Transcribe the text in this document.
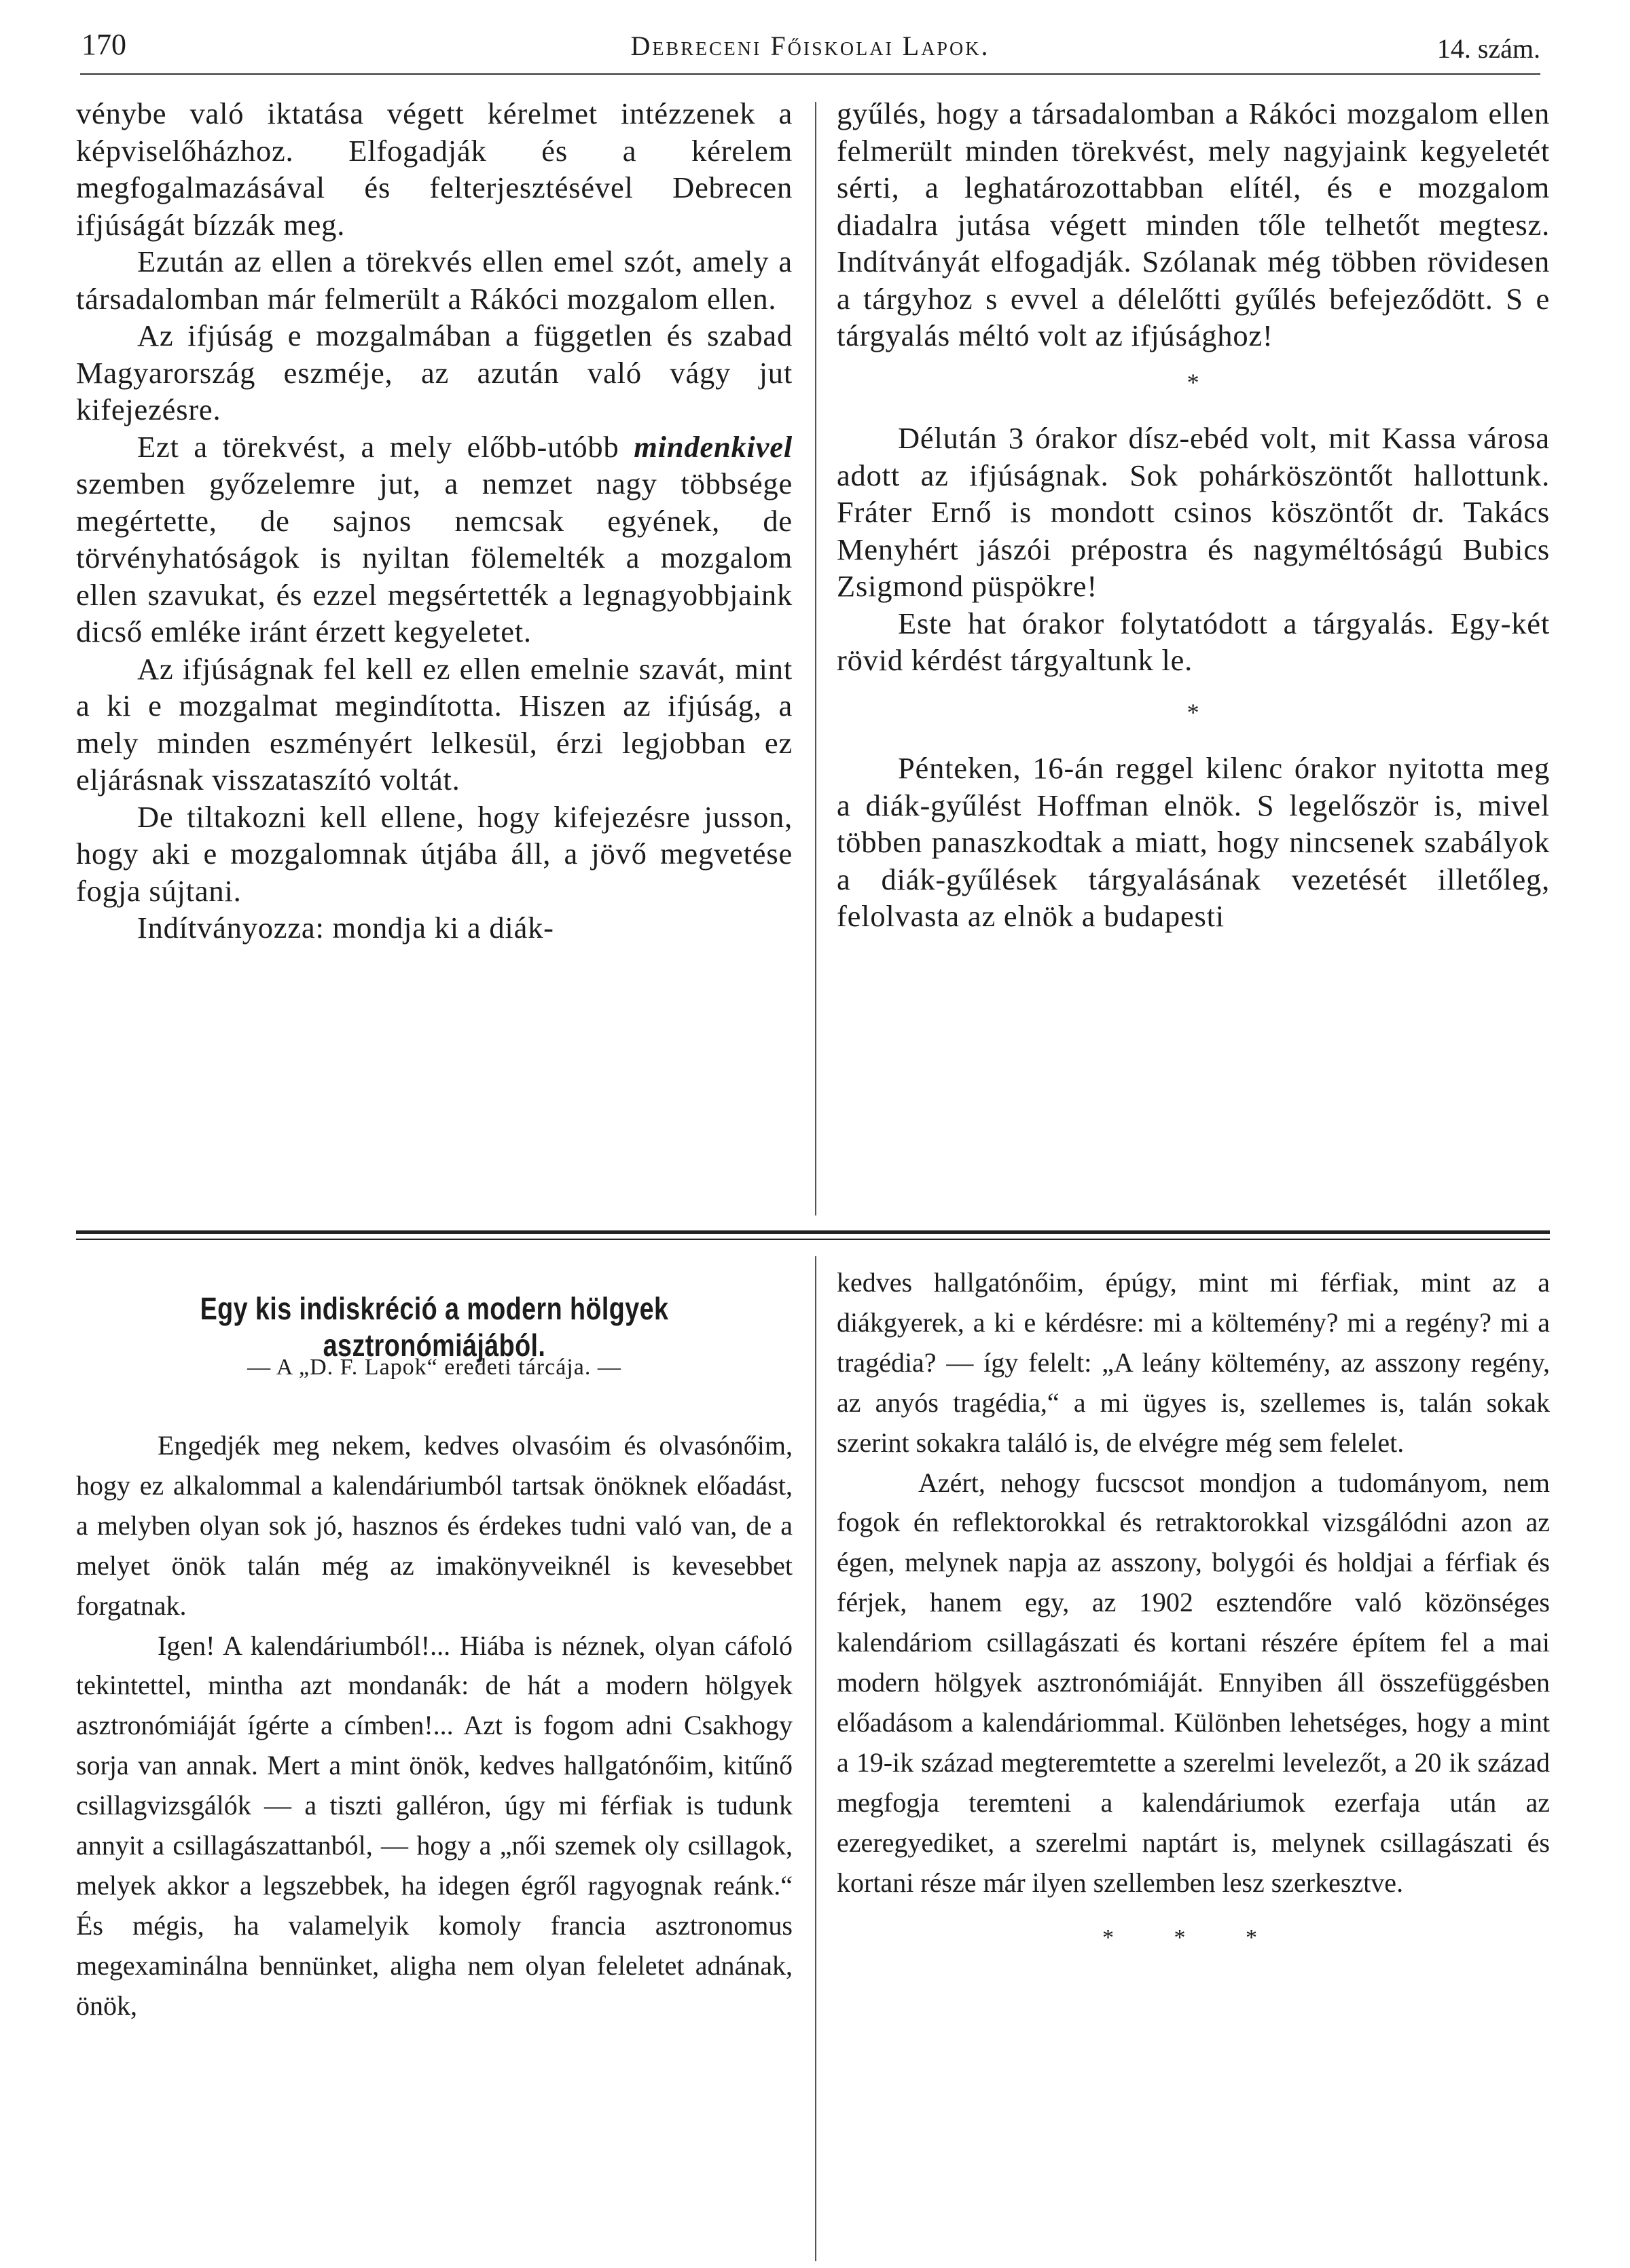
170	Debreceni Főiskolai Lapok.	14. szám.

vénybe való iktatása végett kérelmet intézzenek a képviselőházhoz. Elfogadják és a kérelem megfogalmazásával és felterjesztésével Debrecen ifjúságát bízzák meg.

Ezután az ellen a törekvés ellen emel szót, amely a társadalomban már felmerült a Rákóci mozgalom ellen.

Az ifjúság e mozgalmában a független és szabad Magyarország eszméje, az azután való vágy jut kifejezésre.

Ezt a törekvést, a mely előbb-utóbb mindenkivel szemben győzelemre jut, a nemzet nagy többsége megértette, de sajnos nemcsak egyének, de törvényhatóságok is nyiltan fölemelték a mozgalom ellen szavukat, és ezzel megsértették a legnagyobbjaink dicső emléke iránt érzett kegyeletet.

Az ifjúságnak fel kell ez ellen emelnie szavát, mint a ki e mozgalmat megindította. Hiszen az ifjúság, a mely minden eszményért lelkesül, érzi legjobban ez eljárásnak visszataszító voltát.

De tiltakozni kell ellene, hogy kifejezésre jusson, hogy aki e mozgalomnak útjába áll, a jövő megvetése fogja sújtani.

Indítványozza: mondja ki a diák-

gyűlés, hogy a társadalomban a Rákóci mozgalom ellen felmerült minden törekvést, mely nagyjaink kegyeletét sérti, a leghatározottabban elítél, és e mozgalom diadalra jutása végett minden tőle telhetőt megtesz. Indítványát elfogadják. Szólanak még többen rövidesen a tárgyhoz s evvel a délelőtti gyűlés befejeződött. S e tárgyalás méltó volt az ifjúsághoz!

*

Délután 3 órakor dísz-ebéd volt, mit Kassa városa adott az ifjúságnak. Sok pohárköszöntőt hallottunk. Fráter Ernő is mondott csinos köszöntőt dr. Takács Menyhért jászói prépostra és nagyméltóságú Bubics Zsigmond püspökre!

Este hat órakor folytatódott a tárgyalás. Egy-két rövid kérdést tárgyaltunk le.

*

Pénteken, 16-án reggel kilenc órakor nyitotta meg a diák-gyűlést Hoffman elnök. S legelőször is, mivel többen panaszkodtak a miatt, hogy nincsenek szabályok a diák-gyűlések tárgyalásának vezetését illetőleg, felolvasta az elnök a budapesti

Egy kis indiskréció a modern hölgyek asztronómiájából.
— A „D. F. Lapok“ eredeti tárcája. —

Engedjék meg nekem, kedves olvasóim és olvasónőim, hogy ez alkalommal a kalendáriumból tartsak önöknek előadást, a melyben olyan sok jó, hasznos és érdekes tudni való van, de a melyet önök talán még az imakönyveiknél is kevesebbet forgatnak.

Igen! A kalendáriumból!... Hiába is néznek, olyan cáfoló tekintettel, mintha azt mondanák: de hát a modern hölgyek asztronómiáját ígérte a címben!... Azt is fogom adni Csakhogy sorja van annak. Mert a mint önök, kedves hallgatónőim, kitűnő csillagvizsgálók — a tiszti galléron, úgy mi férfiak is tudunk annyit a csillagászattanból, — hogy a „női szemek oly csillagok, melyek akkor a legszebbek, ha idegen égről ragyognak reánk.“ És mégis, ha valamelyik komoly francia asztronomus megexaminálna bennünket, aligha nem olyan feleletet adnának, önök,

kedves hallgatónőim, épúgy, mint mi férfiak, mint az a diákgyerek, a ki e kérdésre: mi a költemény? mi a regény? mi a tragédia? — így felelt: „A leány költemény, az asszony regény, az anyós tragédia,“ a mi ügyes is, szellemes is, talán sokak szerint sokakra találó is, de elvégre még sem felelet.

Azért, nehogy fucscsot mondjon a tudományom, nem fogok én reflektorokkal és retraktorokkal vizsgálódni azon az égen, melynek napja az asszony, bolygói és holdjai a férfiak és férjek, hanem egy, az 1902 esztendőre való közönséges kalendáriom csillagászati és kortani részére építem fel a mai modern hölgyek asztronómiáját. Ennyiben áll összefüggésben előadásom a kalendáriommal. Különben lehetséges, hogy a mint a 19-ik század megteremtette a szerelmi levelezőt, a 20 ik század megfogja teremteni a kalendáriumok ezerfaja után az ezeregyediket, a szerelmi naptárt is, melynek csillagászati és kortani része már ilyen szellemben lesz szerkesztve.

* * *
